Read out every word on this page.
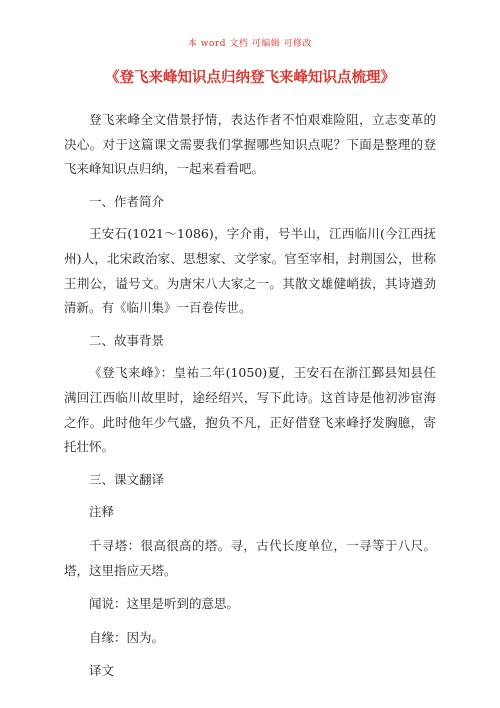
本 word 文档 可编辑 可修改
《登飞来峰知识点归纳登飞来峰知识点梳理》

登飞来峰全文借景抒情，表达作者不怕艰难险阻，立志变革的决心。对于这篇课文需要我们掌握哪些知识点呢？下面是整理的登飞来峰知识点归纳，一起来看看吧。

一、作者简介

王安石(1021～1086)，字介甫，号半山，江西临川(今江西抚州)人，北宋政治家、思想家、文学家。官至宰相，封荆国公，世称王荆公，谥号文。为唐宋八大家之一。其散文雄健峭拔，其诗遒劲清新。有《临川集》一百卷传世。

二、故事背景

《登飞来峰》：皇祐二年(1050)夏，王安石在浙江鄞县知县任满回江西临川故里时，途经绍兴，写下此诗。这首诗是他初涉宦海之作。此时他年少气盛，抱负不凡，正好借登飞来峰抒发胸臆，寄托壮怀。

三、课文翻译

注释

千寻塔：很高很高的塔。寻，古代长度单位，一寻等于八尺。塔，这里指应天塔。

闻说：这里是听到的意思。

自缘：因为。

译文
